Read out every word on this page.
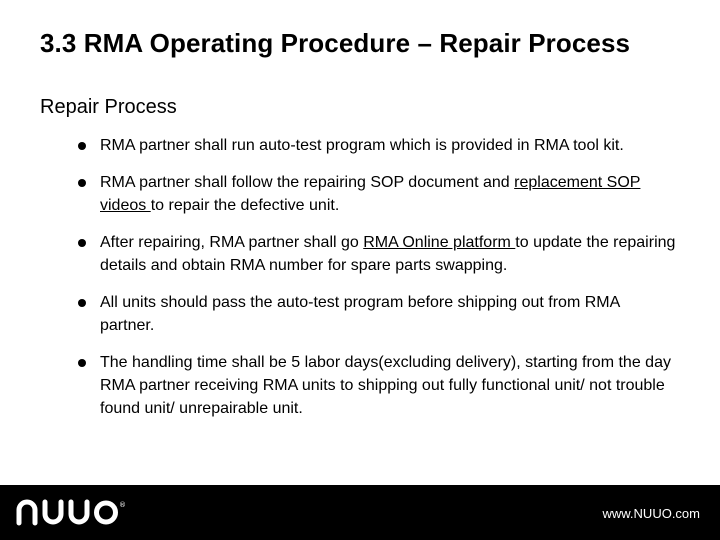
3.3 RMA Operating Procedure – Repair Process
Repair Process
RMA partner shall run auto-test program which is provided in RMA tool kit.
RMA partner shall follow the repairing SOP document and replacement SOP videos to repair the defective unit.
After repairing, RMA partner shall go RMA Online platform to update the repairing details and obtain RMA number for spare parts swapping.
All units should pass the auto-test program before shipping out from RMA partner.
The handling time shall be 5 labor days(excluding delivery), starting from the day RMA partner receiving RMA units to shipping out fully functional unit/ not trouble found unit/ unrepairable unit.
®
www.NUUO.com
